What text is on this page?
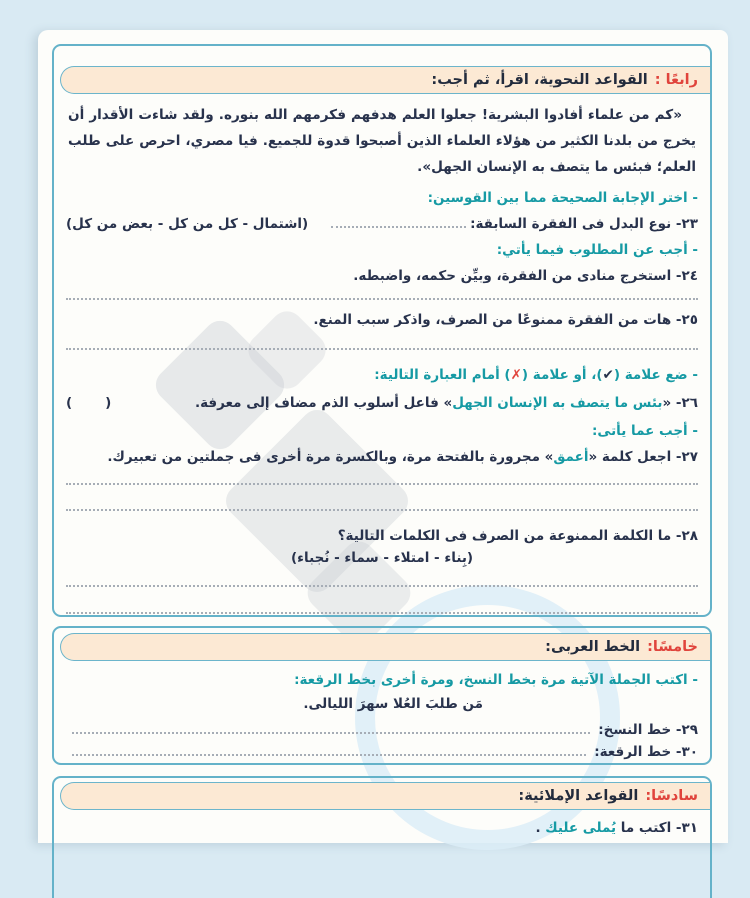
رابعًا :
القواعد النحوية، اقرأ، ثم أجب:
«كم من علماء أفادوا البشرية! جعلوا العلم هدفهم فكرمهم الله بنوره. ولقد شاءت الأقدار أن يخرج من بلدنا الكثير من هؤلاء العلماء الذين أصبحوا قدوة للجميع. فيا مصري، احرص على طلب العلم؛ فبئس ما يتصف به الإنسان الجهل».
- اختر الإجابة الصحيحة مما بين القوسين:
٢٣- نوع البدل فى الفقرة السابقة:
(اشتمال - كل من كل - بعض من كل)
- أجب عن المطلوب فيما يأتي:
٢٤- استخرج منادى من الفقرة، وبيِّن حكمه، واضبطه.
٢٥- هات من الفقرة ممنوعًا من الصرف، واذكر سبب المنع.
- ضع علامة (✔)، أو علامة (✗) أمام العبارة التالية:
٢٦- «بئس ما يتصف به الإنسان الجهل» فاعل أسلوب الذم مضاف إلى معرفة.
(       )
- أجب عما يأتى:
٢٧- اجعل كلمة «أعمق» مجرورة بالفتحة مرة، وبالكسرة مرة أخرى فى جملتين من تعبيرك.
٢٨- ما الكلمة الممنوعة من الصرف فى الكلمات التالية؟
(بِناء - امتلاء - سماء - نُجباء)
خامسًا:
الخط العربى:
- اكتب الجملة الآتية مرة بخط النسخ، ومرة أخرى بخط الرقعة:
مَن طلبَ العُلا سهرَ الليالى.
٢٩- خط النسخ:
٣٠- خط الرقعة:
سادسًا:
القواعد الإملائية:
٣١- اكتب ما يُملى عليك .
